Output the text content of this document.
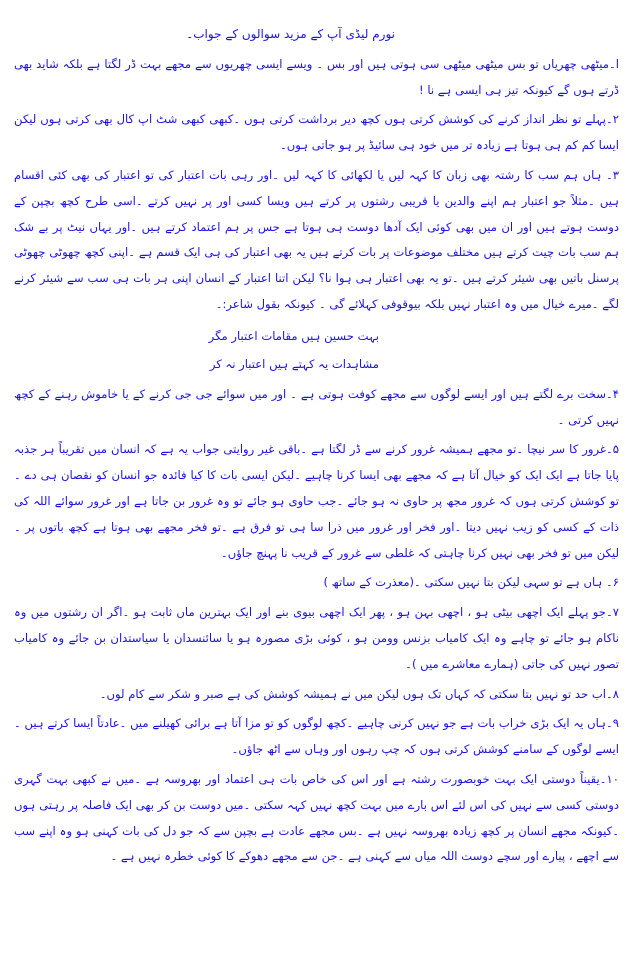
نورم لیڈی آپ کے مزید سوالوں کے جواب۔

ا۔میٹھی چھریاں تو بس میٹھی میٹھی سی ہوتی ہیں اور بس ۔ ویسے ایسی چھریوں سے مجھے بہت ڈر لگتا ہے بلکہ شاید بھی ڈرتے ہوں گے کیونکہ تیز ہی ایسی ہے نا !

۲۔پہلے تو نظر انداز کرنے کی کوشش کرتی ہوں کچھ دیر برداشت کرتی ہوں ۔کبھی کبھی شٹ اپ کال بھی کرتی ہوں لیکن ایسا کم کم ہی ہوتا ہے زیادہ تر میں خود ہی سائیڈ پر ہو جاتی ہوں۔

۳۔ ہاں ہم سب کا رشتہ بھی زبان کا کہہ لیں یا لکھائی کا کہہ لیں ۔اور رہی بات اعتبار کی تو اعتبار کی بھی کئی اقسام ہیں ۔مثلاً جو اعتبار ہم اپنے والدین یا قریبی رشتوں پر کرتے ہیں ویسا کسی اور پر نہیں کرتے ۔اسی طرح کچھ بچپن کے دوست ہوتے ہیں اور ان میں بھی کوئی ایک آدھا دوست ہی ہوتا ہے جس پر ہم اعتماد کرتے ہیں ۔اور یہاں نیٹ پر بے شک ہم سب بات چیت کرتے ہیں مختلف موضوعات پر بات کرتے ہیں یہ بھی اعتبار کی ہی ایک قسم ہے ۔اپنی کچھ چھوٹی چھوٹی پرسنل باتیں بھی شیئر کرتے ہیں ۔تو یہ بھی اعتبار ہی ہوا نا؟ لیکن اتنا اعتبار کے انسان اپنی ہر بات ہی سب سے شیئر کرنے لگے ۔میرے خیال میں وہ اعتبار نہیں بلکہ بیوقوفی کہلائے گی ۔ کیونکہ بقول شاعر:۔

بہت حسین ہیں مقامات اعتبار مگر

مشاہدات یہ کہتے ہیں اعتبار نہ کر

۴۔سخت برے لگتے ہیں اور ایسے لوگوں سے مجھے کوفت ہوتی ہے ۔ اور میں سوائے جی جی کرنے کے یا خاموش رہنے کے کچھ نہیں کرتی ۔

۵۔غرور کا سر نیچا ۔تو مجھے ہمیشہ غرور کرنے سے ڈر لگتا ہے ۔باقی غیر روایتی جواب یہ ہے کہ انسان میں تقریباً ہر جذبہ پایا جاتا ہے ایک ایک کو خیال آتا ہے کہ مجھے بھی ایسا کرنا چاہیے ۔لیکن ایسی بات کا کیا فائدہ جو انسان کو نقصان ہی دے ۔تو کوشش کرتی ہوں کہ غرور مجھ پر حاوی نہ ہو جائے ۔جب حاوی ہو جائے تو وہ غرور بن جاتا ہے اور غرور سوائے اللہ کی ذات کے کسی کو زیب نہیں دیتا ۔اور فخر اور غرور میں ذرا سا ہی تو فرق ہے ۔تو فخر مجھے بھی ہوتا ہے کچھ باتوں پر ۔لیکن میں تو فخر بھی نہیں کرنا چاہتی کہ غلطی سے غرور کے قریب نا پہنچ جاؤں۔

۶۔ ہاں ہے تو سہی لیکن بتا نہیں سکتی ۔(معذرت کے ساتھ )

۷۔جو پہلے ایک اچھی بیٹی ہو ، اچھی بہن ہو ، پھر ایک اچھی بیوی بنے اور ایک بہترین ماں ثابت ہو ۔اگر ان رشتوں میں وہ ناکام ہو جائے تو چاہے وہ ایک کامیاب بزنس وومن ہو ، کوئی بڑی مصورہ ہو یا سائنسدان یا سیاستدان بن جائے وہ کامیاب تصور نہیں کی جاتی (ہمارے معاشرے میں )۔

۸۔اب حد تو نہیں بتا سکتی کہ کہاں تک ہوں لیکن میں نے ہمیشہ کوشش کی ہے صبر و شکر سے کام لوں۔

۹۔ہاں یہ ایک بڑی خراب بات ہے جو نہیں کرنی چاہیے ۔کچھ لوگوں کو تو مزا آتا ہے برائی کھیلنے میں ۔عادتاً ایسا کرتے ہیں ۔ایسے لوگوں کے سامنے کوشش کرتی ہوں کہ چپ رہوں اور وہاں سے اٹھ جاؤں۔

۱۰۔یقیناً دوستی ایک بہت خوبصورت رشتہ ہے اور اس کی خاص بات ہی اعتماد اور بھروسہ ہے ۔میں نے کبھی بہت گہری دوستی کسی سے نہیں کی اس لئے اس بارے میں بہت کچھ نہیں کہہ سکتی ۔میں دوست بن کر بھی ایک فاصلہ پر رہتی ہوں ۔کیونکہ مجھے انسان پر کچھ زیادہ بھروسہ نہیں ہے ۔بس مجھے عادت ہے بچپن سے کہ جو دل کی بات کہنی ہو وہ اپنے سب سے اچھے ، پیارے اور سچے دوست اللہ میاں سے کہنی ہے ۔جن سے مجھے دھوکے کا کوئی خطرہ نہیں ہے ۔
